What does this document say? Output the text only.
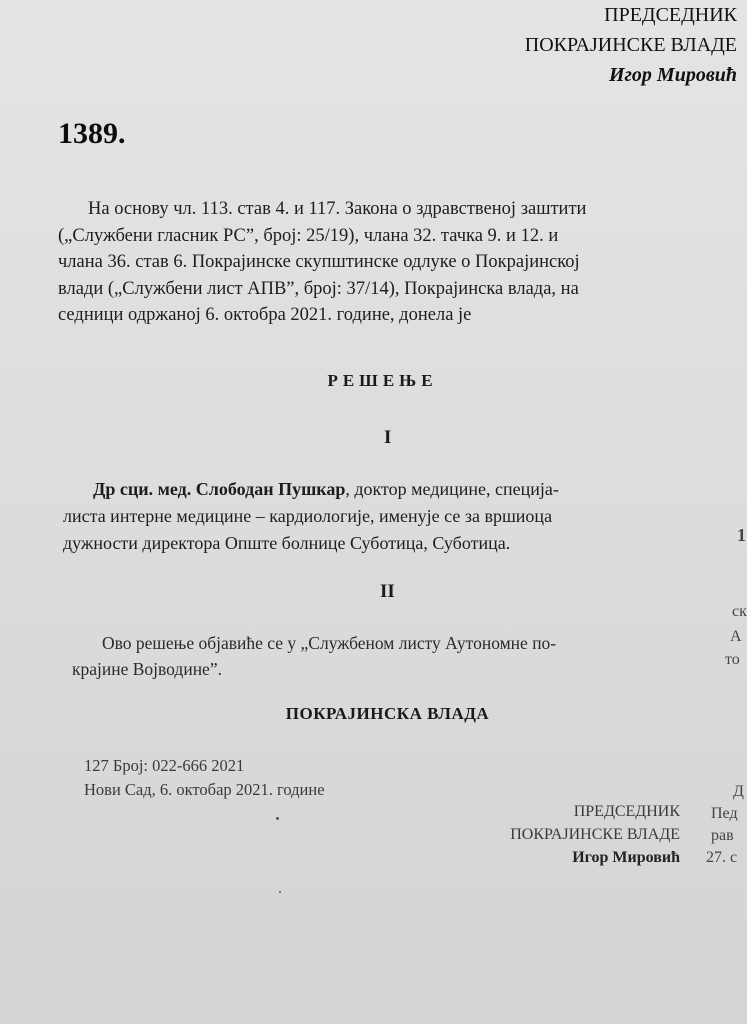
ПРЕДСЕДНИК
ПОКРАЈИНСКЕ ВЛАДЕ
Игор Мировић
1389.
На основу чл. 113. став 4. и 117. Закона о здравственој заштити
(„Службени гласник РС”, број: 25/19), члана 32. тачка 9. и 12. и
члана 36. став 6. Покрајинске скупштинске одлуке о Покрајинској
влади („Службени лист АПВ”, број: 37/14), Покрајинска влада, на
седници одржаној 6. октобра 2021. године, донела је
РЕШЕЊЕ
I
Др сци. мед. Слободан Пушкар, доктор медицине, специја-
листа интерне медицине – кардиологије, именује се за вршиоца
дужности директора Опште болнице Суботица, Суботица.
II
Ово решење објавиће се у „Службеном листу Аутономне по-
крајине Војводине”.
ПОКРАЈИНСКА ВЛАДА
127 Број: 022-666 2021
Нови Сад, 6. октобар 2021. године
ПРЕДСЕДНИК
ПОКРАЈИНСКЕ ВЛАДЕ
Игор Мировић
1
ск
А
то
Д
Пед
рав
27. с
